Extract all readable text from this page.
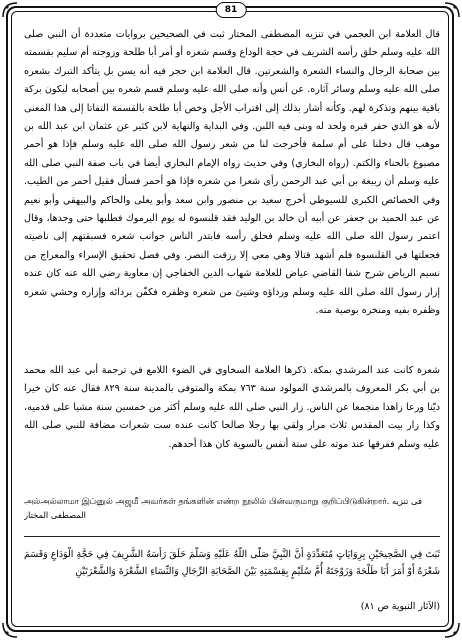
81

قال العلامة ابن العجمي في تنزيه المصطفى المختار ثبت في الصحيحين بروايات متعددة أن النبي صلى الله عليه وسلم حلق رأسه الشريف في حجة الوداع وقسم شعره أو أمر أبا طلحة وزوجته أم سليم بقسمته بين صحابة الرجال والنساء الشعرة والشعرتين. قال العلامة ابن حجر فيه أنه يسن بل يتأكد التبرك بشعره صلى الله عليه وسلم وسائر آثاره. عن أنس وأنه صلى الله عليه وسلم قسم شعره بين أصحابه ليكون بركة باقية بينهم وتذكرة لهم. وكأنه أشار بذلك إلى اقتراب الأجل وخص أبا طلحة بالقسمة التفاتا إلى هذا المعنى لأنه هو الذي حفر قبره ولحد له وبنى فيه اللبن. وفي البداية والنهاية لابن كثير عن عثمان ابن عبد الله بن موهب قال دخلنا على أم سلمة فأخرجت لنا من شعر رسول الله صلى الله عليه وسلم فإذا هو أحمر مصبوغ بالحناء والكتم. (رواه البخاري) وفي حديث رواه الإمام البخاري أيضا في باب صفة النبي صلى الله عليه وسلم أن ربيعة بن أبي عبد الرحمن رأى شعرا من شعره فإذا هو أحمر فسأل فقيل أحمر من الطيب. وفي الخصائص الكبرى للسيوطي أخرج سعيد بن منصور وابن سعد وأبو يعلى والحاكم والبيهقي وأبو نعيم عن عبد الحميد بن جعفر عن أبيه أن خالد بن الوليد فقد قلنسوة له يوم اليرموك فطلبها حتى وجدها، وقال اعتمر رسول الله صلى الله عليه وسلم فحلق رأسه فابتدر الناس جوانب شعره فسبقتهم إلى ناصيته فجعلتها في القلنسوة فلم أشهد قتالا وهي معي إلا رزقت النصر. وفي فصل تحقيق الإسراء والمعراج من نسيم الرياض شرح شفا القاضي عياض للعلامة شهاب الدين الخفاجي إن معاوية رضي الله عنه كان عنده إزار رسول الله صلى الله عليه وسلم ورداؤه وشيئ من شعره وظفره فكفّن بردائه وإزاره وحشي شعره وظفره بفيه ومنخره بوصية منه.

شعرة كانت عند المرشدي بمكة. ذكرها العلامة السخاوي في الضوء اللامع في ترجمة أبي عبد الله محمد بن أبي بكر المعروف بالمرشدي المولود سنة ٧٦٣ بمكة والمتوفى بالمدينة سنة ٨٢٩ فقال عنه كان خيرا ديّنا ورعا زاهدا منجمعا عن الناس. زار النبي صلى الله عليه وسلم أكثر من خمسين سنة مشيا على قدميه، وكذا زار بيت المقدس ثلاث مرار ولقي بها رجلا صالحا كانت عنده ست شعرات مضافة للنبي صلى الله عليه وسلم ففرقها عند موته على ستة أنفس بالسوية كان هذا أحدهم.

அல்அல்லாமா இப்னுல் அஜமீ அவர்கள் தங்களின் எண்ற நூலில் பின்வருமாறு குறிப்பிடுகின்றார். فى تنزيه المصطفى المختار

ثَبَتَ فِي الصَّحِيحَيْنِ بِرِوَايَاتٍ مُتَعَدِّدَةٍ أَنَّ النَّبِيَّ صَلَّى اللَّهُ عَلَيْهِ وَسَلَّمَ حَلَقَ رَأْسَهُ الشَّرِيفَ فِي حَجَّةِ الْوَدَاعِ وَقَسَمَ شَعْرَهُ أَوْ أَمَرَ أَبَا طَلْحَةَ وَزَوْجَتَهُ أُمَّ سُلَيْمٍ بِقِسْمَتِهِ بَيْنَ الصَّحَابَةِ الرِّجَالِ وَالنِّسَاءِ الشَّعْرَةَ وَالشَّعْرَتَيْنِ

(الآثار النبوية ص ٨١)
